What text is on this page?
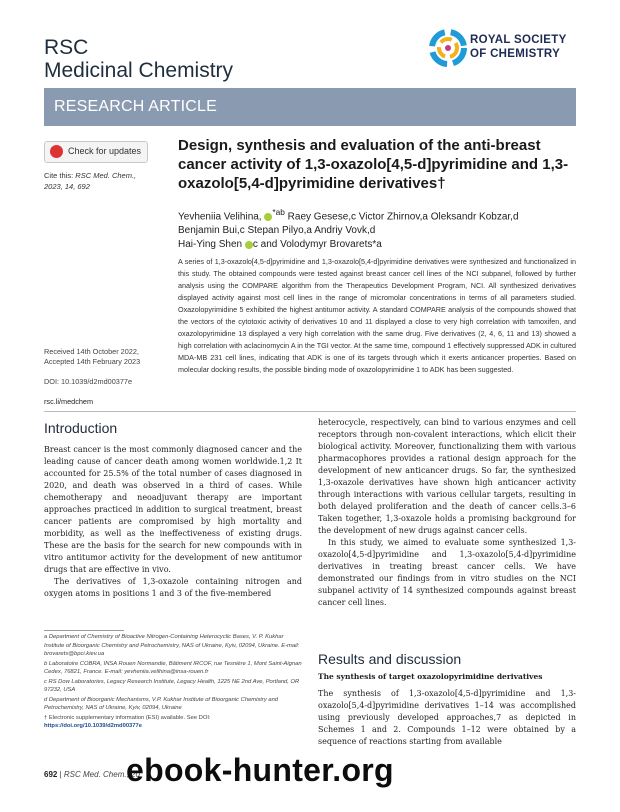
RSC
Medicinal Chemistry
ROYAL SOCIETY
OF CHEMISTRY
RESEARCH ARTICLE
Check for updates
Cite this: RSC Med. Chem., 2023, 14, 692
Design, synthesis and evaluation of the anti-breast cancer activity of 1,3-oxazolo[4,5-d]pyrimidine and 1,3-oxazolo[5,4-d]pyrimidine derivatives†
Yevheniia Velihina, $^{*ab}$ Raey Gesese,c Victor Zhirnov,a Oleksandr Kobzar,d
Benjamin Bui,c Stepan Pilyo,a Andriy Vovk,d
Hai-Ying Shen c and Volodymyr Brovarets*a
A series of 1,3-oxazolo[4,5-d]pyrimidine and 1,3-oxazolo[5,4-d]pyrimidine derivatives were synthesized and functionalized in this study. The obtained compounds were tested against breast cancer cell lines of the NCI subpanel, followed by further analysis using the COMPARE algorithm from the Therapeutics Development Program, NCI. All synthesized derivatives displayed activity against most cell lines in the range of micromolar concentrations in terms of all parameters studied. Oxazolopyrimidine 5 exhibited the highest antitumor activity. A standard COMPARE analysis of the compounds showed that the vectors of the cytotoxic activity of derivatives 10 and 11 displayed a close to very high correlation with tamoxifen, and oxazolopyrimidine 13 displayed a very high correlation with the same drug. Five derivatives (2, 4, 6, 11 and 13) showed a high correlation with aclacinomycin A in the TGI vector. At the same time, compound 1 effectively suppressed ADK in cultured MDA-MB 231 cell lines, indicating that ADK is one of its targets through which it exerts anticancer properties. Based on molecular docking results, the possible binding mode of oxazolopyrimidine 1 to ADK has been suggested.
Received 14th October 2022,
Accepted 14th February 2023
DOI: 10.1039/d2md00377e
rsc.li/medchem
Introduction

Breast cancer is the most commonly diagnosed cancer and the leading cause of cancer death among women worldwide.1,2 It accounted for 25.5% of the total number of cases diagnosed in 2020, and death was observed in a third of cases. While chemotherapy and neoadjuvant therapy are important approaches practiced in addition to surgical treatment, breast cancer patients are compromised by high mortality and morbidity, as well as the ineffectiveness of existing drugs. These are the basis for the search for new compounds with in vitro antitumor activity for the development of new antitumor drugs that are effective in vivo.

The derivatives of 1,3-oxazole containing nitrogen and oxygen atoms in positions 1 and 3 of the five-membered

a Department of Chemistry of Bioactive Nitrogen-Containing Heterocyclic Bases, V. P. Kukhar Institute of Bioorganic Chemistry and Petrochemistry, NAS of Ukraine, Kyiv, 02094, Ukraine. E-mail: brovarets@bpci.kiev.ua

b Laboratoire COBRA, INSA Rouen Normandie, Bâtiment IRCOF, rue Tesnière 1, Mont Saint-Aignan Cedex, 76821, France. E-mail: yevheniia.velihina@insa-rouen.fr

c RS Dow Laboratories, Legacy Research Institute, Legacy Health, 1225 NE 2nd Ave, Portland, OR 97232, USA

d Department of Bioorganic Mechanisms, V.P. Kukhar Institute of Bioorganic Chemistry and Petrochemistry, NAS of Ukraine, Kyiv, 02094, Ukraine

† Electronic supplementary information (ESI) available. See DOI: https://doi.org/10.1039/d2md00377e

heterocycle, respectively, can bind to various enzymes and cell receptors through non-covalent interactions, which elicit their biological activity. Moreover, functionalizing them with various pharmacophores provides a rational design approach for the development of new anticancer drugs. So far, the synthesized 1,3-oxazole derivatives have shown high anticancer activity through interactions with various cellular targets, resulting in both delayed proliferation and the death of cancer cells.3–6 Taken together, 1,3-oxazole holds a promising background for the development of new drugs against cancer cells.

In this study, we aimed to evaluate some synthesized 1,3-oxazolo[4,5-d]pyrimidine and 1,3-oxazolo[5,4-d]pyrimidine derivatives in treating breast cancer cells. We have demonstrated our findings from in vitro studies on the NCI subpanel activity of 14 synthesized compounds against breast cancer cell lines.

Results and discussion
The synthesis of target oxazolopyrimidine derivatives

The synthesis of 1,3-oxazolo[4,5-d]pyrimidine and 1,3-oxazolo[5,4-d]pyrimidine derivatives 1–14 was accomplished using previously developed approaches,7 as depicted in Schemes 1 and 2. Compounds 1–12 were obtained by a sequence of reactions starting from available

692 | RSC Med. Chem., 20
ebook-hunter.org
